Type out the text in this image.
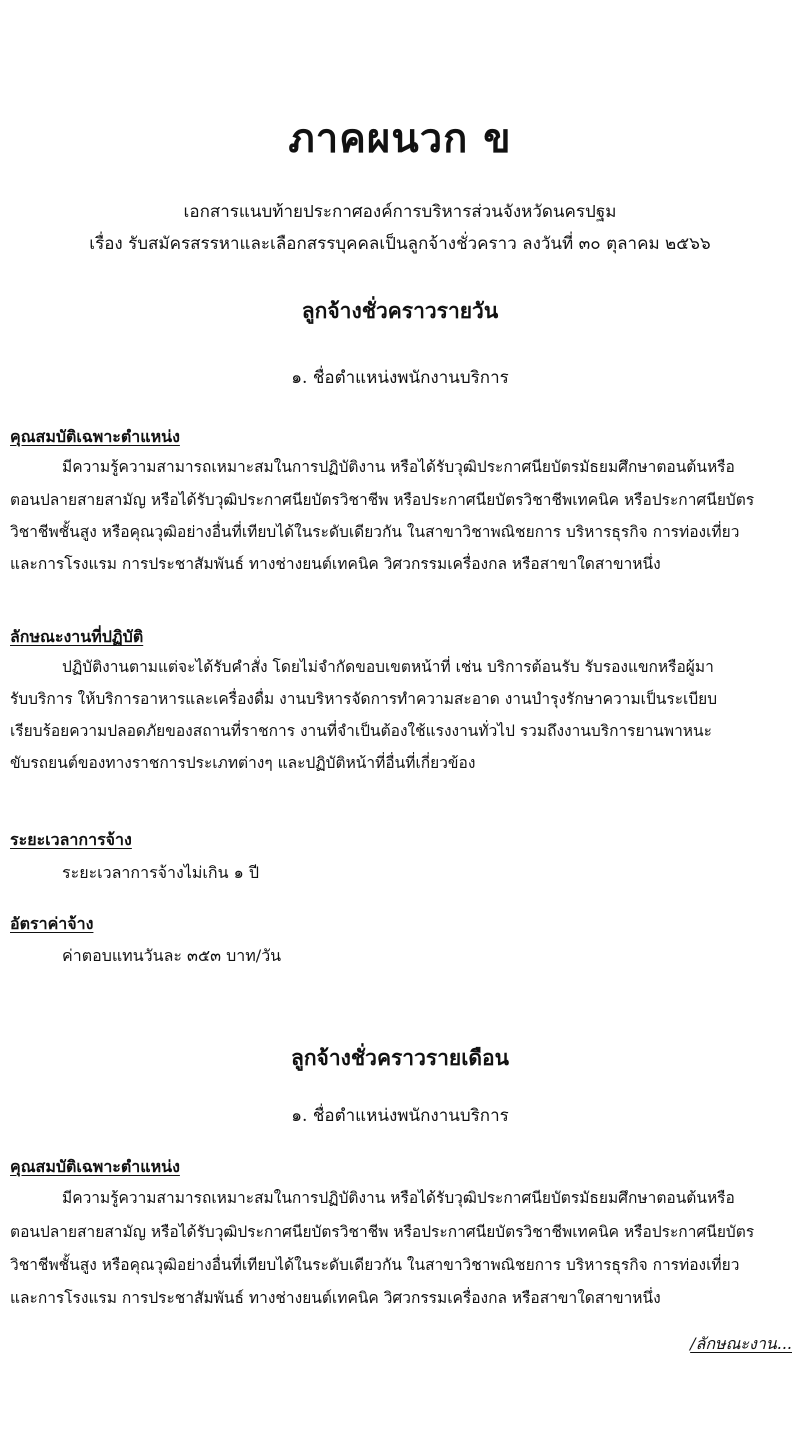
ภาคผนวก ข
เอกสารแนบท้ายประกาศองค์การบริหารส่วนจังหวัดนครปฐม
เรื่อง รับสมัครสรรหาและเลือกสรรบุคคลเป็นลูกจ้างชั่วคราว ลงวันที่ ๓๐ ตุลาคม ๒๕๖๖
ลูกจ้างชั่วคราวรายวัน
๑. ชื่อตำแหน่งพนักงานบริการ
คุณสมบัติเฉพาะตำแหน่ง
มีความรู้ความสามารถเหมาะสมในการปฏิบัติงาน หรือได้รับวุฒิประกาศนียบัตรมัธยมศึกษาตอนต้นหรือ
ตอนปลายสายสามัญ หรือได้รับวุฒิประกาศนียบัตรวิชาชีพ หรือประกาศนียบัตรวิชาชีพเทคนิค หรือประกาศนียบัตร
วิชาชีพชั้นสูง หรือคุณวุฒิอย่างอื่นที่เทียบได้ในระดับเดียวกัน ในสาขาวิชาพณิชยการ บริหารธุรกิจ การท่องเที่ยว
และการโรงแรม การประชาสัมพันธ์ ทางช่างยนต์เทคนิค วิศวกรรมเครื่องกล หรือสาขาใดสาขาหนึ่ง
ลักษณะงานที่ปฏิบัติ
ปฏิบัติงานตามแต่จะได้รับคำสั่ง โดยไม่จำกัดขอบเขตหน้าที่ เช่น บริการต้อนรับ รับรองแขกหรือผู้มา
รับบริการ ให้บริการอาหารและเครื่องดื่ม งานบริหารจัดการทำความสะอาด งานบำรุงรักษาความเป็นระเบียบ
เรียบร้อยความปลอดภัยของสถานที่ราชการ งานที่จำเป็นต้องใช้แรงงานทั่วไป รวมถึงงานบริการยานพาหนะ
ขับรถยนต์ของทางราชการประเภทต่างๆ และปฏิบัติหน้าที่อื่นที่เกี่ยวข้อง
ระยะเวลาการจ้าง
ระยะเวลาการจ้างไม่เกิน ๑ ปี
อัตราค่าจ้าง
ค่าตอบแทนวันละ ๓๕๓ บาท/วัน
ลูกจ้างชั่วคราวรายเดือน
๑. ชื่อตำแหน่งพนักงานบริการ
คุณสมบัติเฉพาะตำแหน่ง
มีความรู้ความสามารถเหมาะสมในการปฏิบัติงาน หรือได้รับวุฒิประกาศนียบัตรมัธยมศึกษาตอนต้นหรือ
ตอนปลายสายสามัญ หรือได้รับวุฒิประกาศนียบัตรวิชาชีพ หรือประกาศนียบัตรวิชาชีพเทคนิค หรือประกาศนียบัตร
วิชาชีพชั้นสูง หรือคุณวุฒิอย่างอื่นที่เทียบได้ในระดับเดียวกัน ในสาขาวิชาพณิชยการ บริหารธุรกิจ การท่องเที่ยว
และการโรงแรม การประชาสัมพันธ์ ทางช่างยนต์เทคนิค วิศวกรรมเครื่องกล หรือสาขาใดสาขาหนึ่ง
/ลักษณะงาน...
